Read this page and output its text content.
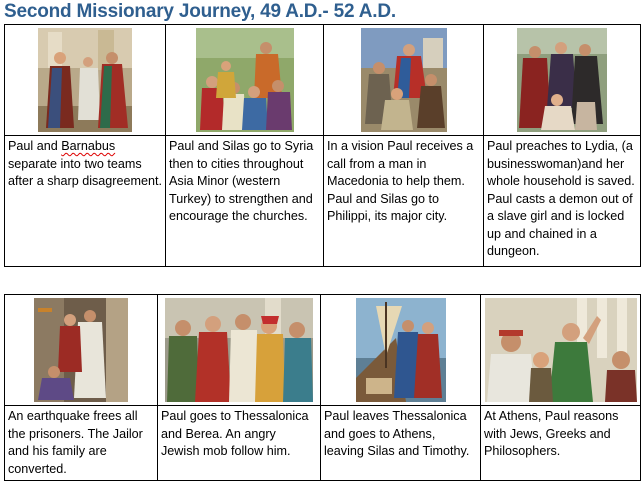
Second Missionary Journey, 49 A.D.- 52 A.D.

Paul and Barnabus separate into two teams after a sharp disagreement.	Paul and Silas go to Syria then to cities throughout Asia Minor (western Turkey) to strengthen and encourage the churches.	In a vision Paul receives a call from a man in Macedonia to help them. Paul and Silas go to Philippi, its major city.	Paul preaches to Lydia, (a businesswoman)and her whole household is saved. Paul casts a demon out of a slave girl and is locked up and chained in a dungeon.

An earthquake frees all the prisoners. The Jailor and his family are converted.	Paul goes to Thessalonica and Berea. An angry Jewish mob follow him.	Paul leaves Thessalonica and goes to Athens, leaving Silas and Timothy.	At Athens, Paul reasons with Jews, Greeks and Philosophers.
